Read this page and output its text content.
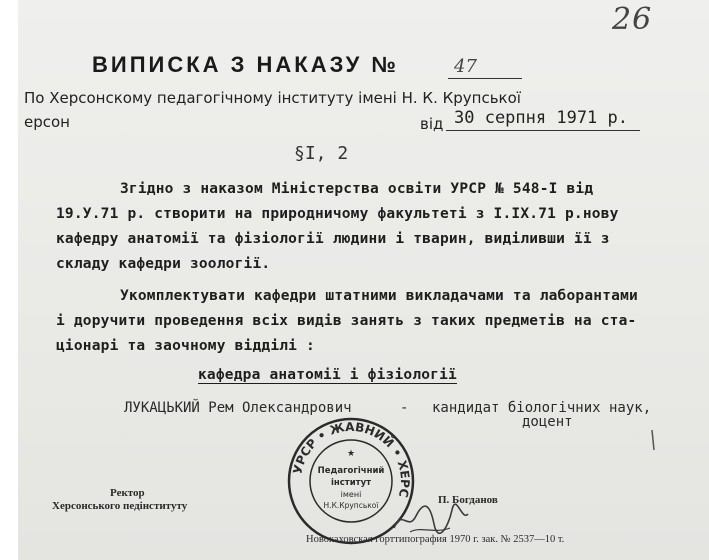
26
ВИПИСКА З НАКАЗУ №	47
По Херсонскому педагогічному інституту імені Н. К. Крупської
ерсон	від 30 серпня 1971 р.
§I, 2
Згідно з наказом Міністерства освіти УРСР № 548-І від
19.У.71 р. створити на природничому факультеті з І.ІХ.71 р.нову
кафедру анатомії та фізіології людини і тварин, виділивши її з
складу кафедри зоології.
Укомплектувати кафедри штатними викладачами та лаборантами
і доручити проведення всіх видів занять з таких предметів на ста-
ціонарі та заочному відділі :
кафедра анатомії і фізіології
ЛУКАЦЬКИЙ Рем Олександрович	- кандидат біологічних наук,
доцент
Ректор
Херсонського педінституту	П. Богданов
Новокаховская горттипография 1970 г. зак. № 2537—10 т.
УРСР • ЖАВНИЙ • ХЕРС
★
Педагогічний
інститут
імені
Н.К.Крупської
